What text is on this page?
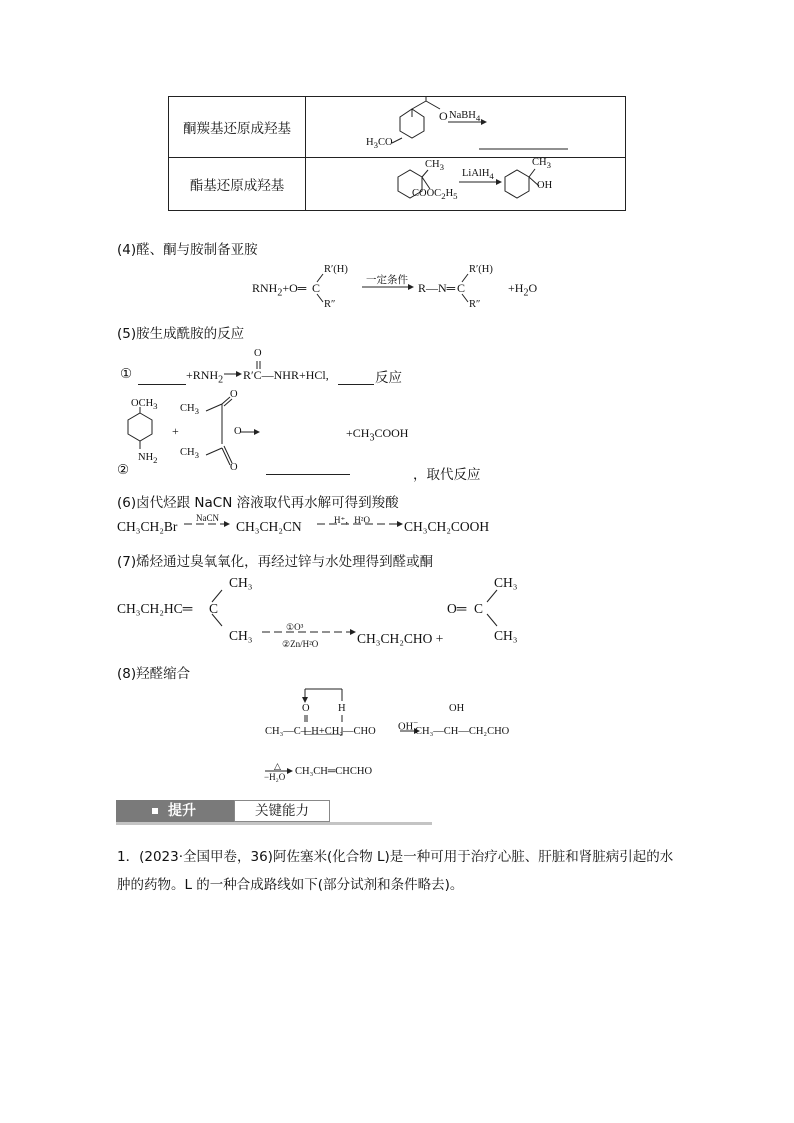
酮羰基还原成羟基	O NaBH$_4$
$H_3CO$

酯基还原成羟基	$CH_3$
LiAlH$_4$
$COOC_2H_5$
$CH_3$
OH
(4)醛、酮与胺制备亚胺
$RNH_2+O═$ C
R′(H)
R″
一定条件
R—N═ C
R′(H)
R″
$+H_2O$
(5)胺生成酰胺的反应
①	$+RNH_2$
O
R′C—NHR+HCl,	反应
$OCH_3$
$NH_2$
+
$CH_3$
$CH_3$
O
O
O	$+CH_3COOH$
②	，取代反应
(6)卤代烃跟 NaCN 溶液取代再水解可得到羧酸
CH₃CH₂Br
NaCN
CH₃CH₂CN	H⁺，H²O	CH₃CH₂COOH
(7)烯烃通过臭氧氧化，再经过锌与水处理得到醛或酮
CH₃CH₂HC═ C
CH₃
CH₃
①O³
②Zn/H²O	CH₃CH₂CHO +
O═ C
CH₃
CH₃
(8)羟醛缩合
O	H
CH₃—C—H+CH₂—CHO OH−
OH
CH₃—CH—CH₂CHO
△
−H₂O CH₃CH═CHCHO
提升	关键能力
1．(2023·全国甲卷，36)阿佐塞米(化合物 L)是一种可用于治疗心脏、肝脏和肾脏病引起的水
肿的药物。L 的一种合成路线如下(部分试剂和条件略去)。
